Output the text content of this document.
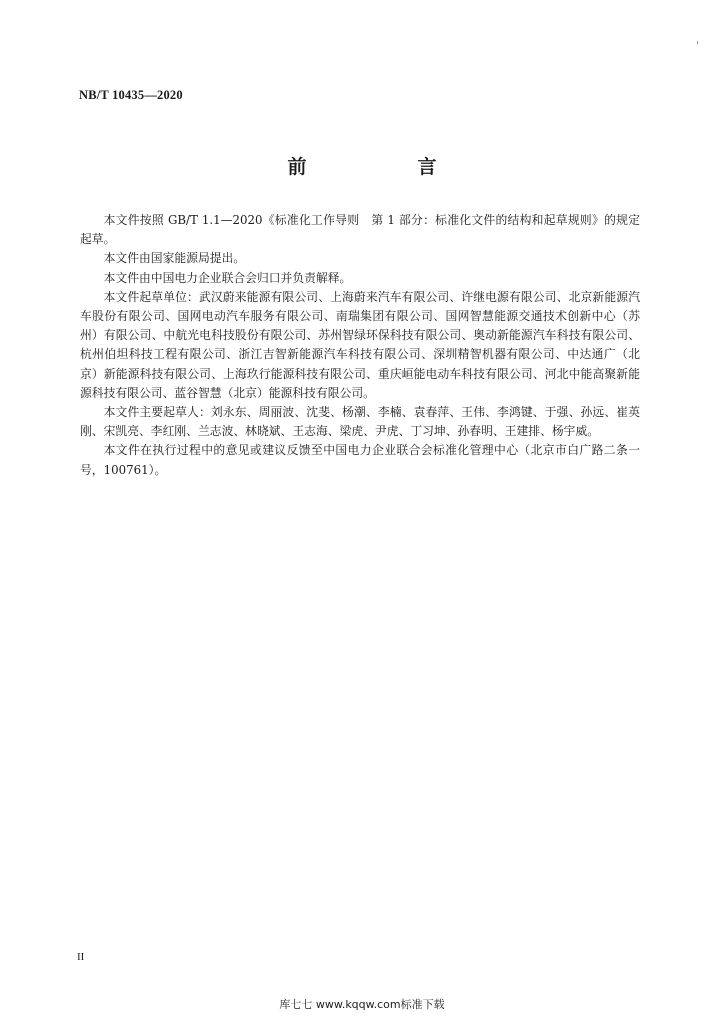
NB/T 10435—2020
前　言

本文件按照 GB/T 1.1—2020《标准化工作导则　第 1 部分：标准化文件的结构和起草规则》的规定起草。

本文件由国家能源局提出。

本文件由中国电力企业联合会归口并负责解释。

本文件起草单位：武汉蔚来能源有限公司、上海蔚来汽车有限公司、许继电源有限公司、北京新能源汽车股份有限公司、国网电动汽车服务有限公司、南瑞集团有限公司、国网智慧能源交通技术创新中心（苏州）有限公司、中航光电科技股份有限公司、苏州智绿环保科技有限公司、奥动新能源汽车科技有限公司、杭州伯坦科技工程有限公司、浙江吉智新能源汽车科技有限公司、深圳精智机器有限公司、中达通广（北京）新能源科技有限公司、上海玖行能源科技有限公司、重庆峘能电动车科技有限公司、河北中能高聚新能源科技有限公司、蓝谷智慧（北京）能源科技有限公司。

本文件主要起草人：刘永东、周丽波、沈斐、杨潮、李楠、袁春萍、王伟、李鸿键、于强、孙远、崔英刚、宋凯亮、李红刚、兰志波、林晓斌、王志海、梁虎、尹虎、丁习坤、孙春明、王建排、杨宇威。

本文件在执行过程中的意见或建议反馈至中国电力企业联合会标准化管理中心（北京市白广路二条一号，100761）。

II
库七七 www.kqqw.com标准下载
